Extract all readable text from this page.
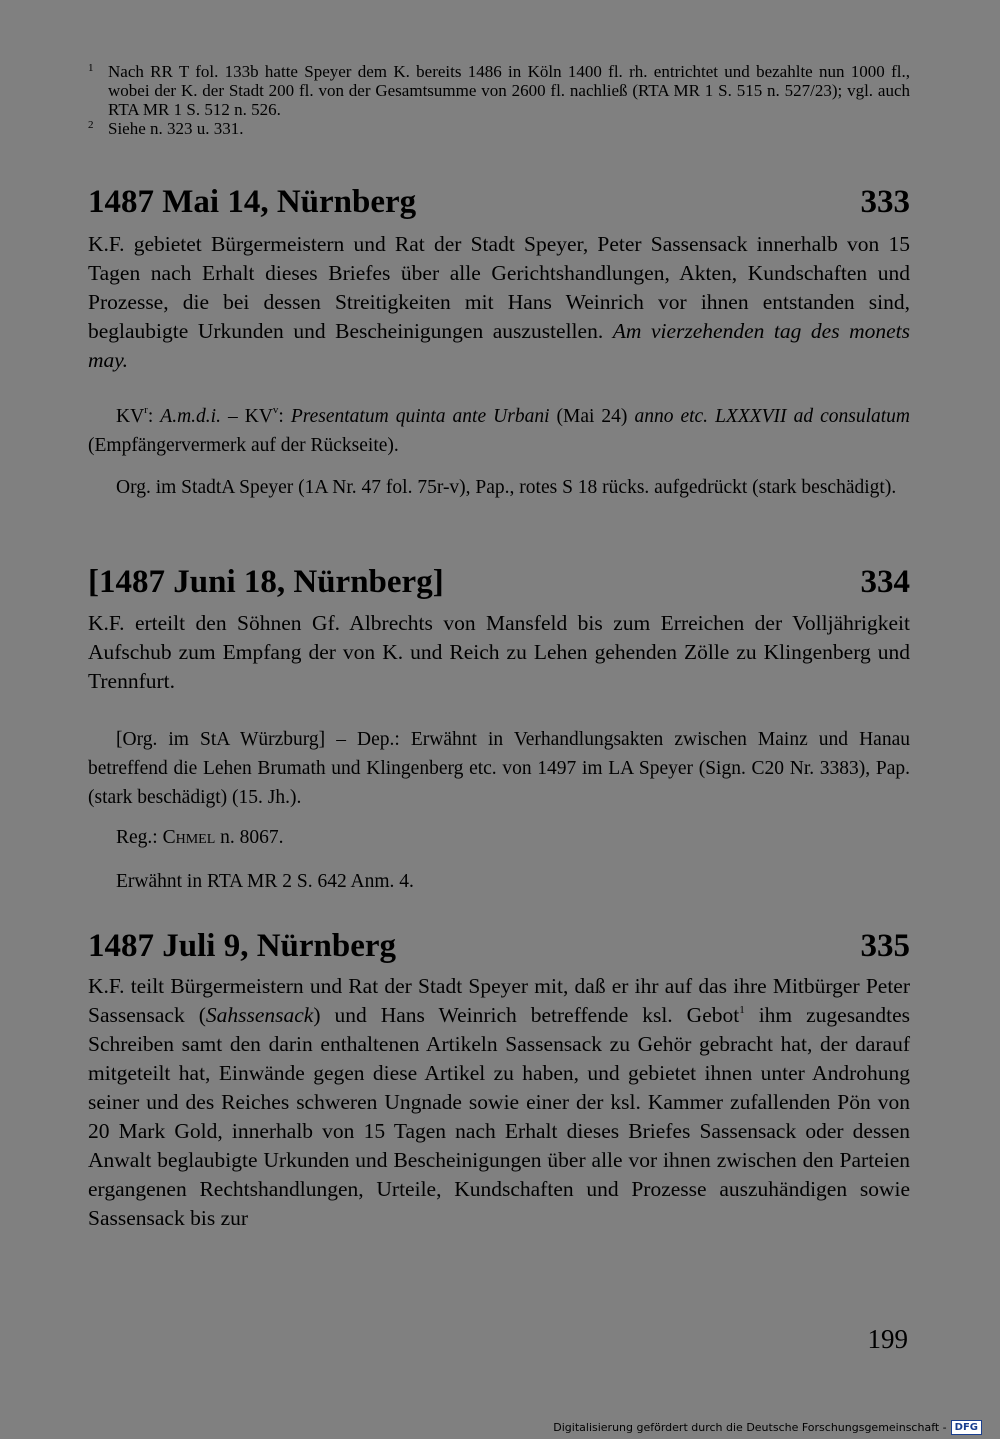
1 Nach RR T fol. 133b hatte Speyer dem K. bereits 1486 in Köln 1400 fl. rh. entrichtet und bezahlte nun 1000 fl., wobei der K. der Stadt 200 fl. von der Gesamtsumme von 2600 fl. nachließ (RTA MR 1 S. 515 n. 527/23); vgl. auch RTA MR 1 S. 512 n. 526.

2 Siehe n. 323 u. 331.

1487 Mai 14, Nürnberg	333

K.F. gebietet Bürgermeistern und Rat der Stadt Speyer, Peter Sassensack innerhalb von 15 Tagen nach Erhalt dieses Briefes über alle Gerichtshandlungen, Akten, Kundschaften und Prozesse, die bei dessen Streitigkeiten mit Hans Weinrich vor ihnen entstanden sind, beglaubigte Urkunden und Bescheinigungen auszustellen. Am vierzehenden tag des monets may.

$KV^r$: A.m.d.i. – $KV^v$: Presentatum quinta ante Urbani (Mai 24) anno etc. LXXXVII ad consulatum (Empfängervermerk auf der Rückseite).

Org. im StadtA Speyer (1A Nr. 47 fol. 75r-v), Pap., rotes S 18 rücks. aufgedrückt (stark beschädigt).

[1487 Juni 18, Nürnberg]	334

K.F. erteilt den Söhnen Gf. Albrechts von Mansfeld bis zum Erreichen der Volljährigkeit Aufschub zum Empfang der von K. und Reich zu Lehen gehenden Zölle zu Klingenberg und Trennfurt.

[Org. im StA Würzburg] – Dep.: Erwähnt in Verhandlungsakten zwischen Mainz und Hanau betreffend die Lehen Brumath und Klingenberg etc. von 1497 im LA Speyer (Sign. C20 Nr. 3383), Pap. (stark beschädigt) (15. Jh.).

Reg.: Chmel n. 8067.

Erwähnt in RTA MR 2 S. 642 Anm. 4.

1487 Juli 9, Nürnberg	335

K.F. teilt Bürgermeistern und Rat der Stadt Speyer mit, daß er ihr auf das ihre Mitbürger Peter Sassensack (Sahssensack) und Hans Weinrich betreffende ksl. Gebot$^1$ ihm zugesandtes Schreiben samt den darin enthaltenen Artikeln Sassensack zu Gehör gebracht hat, der darauf mitgeteilt hat, Einwände gegen diese Artikel zu haben, und gebietet ihnen unter Androhung seiner und des Reiches schweren Ungnade sowie einer der ksl. Kammer zufallenden Pön von 20 Mark Gold, innerhalb von 15 Tagen nach Erhalt dieses Briefes Sassensack oder dessen Anwalt beglaubigte Urkunden und Bescheinigungen über alle vor ihnen zwischen den Parteien ergangenen Rechtshandlungen, Urteile, Kundschaften und Prozesse auszuhändigen sowie Sassensack bis zur

199
Digitalisierung gefördert durch die Deutsche Forschungsgemeinschaft - DFG
